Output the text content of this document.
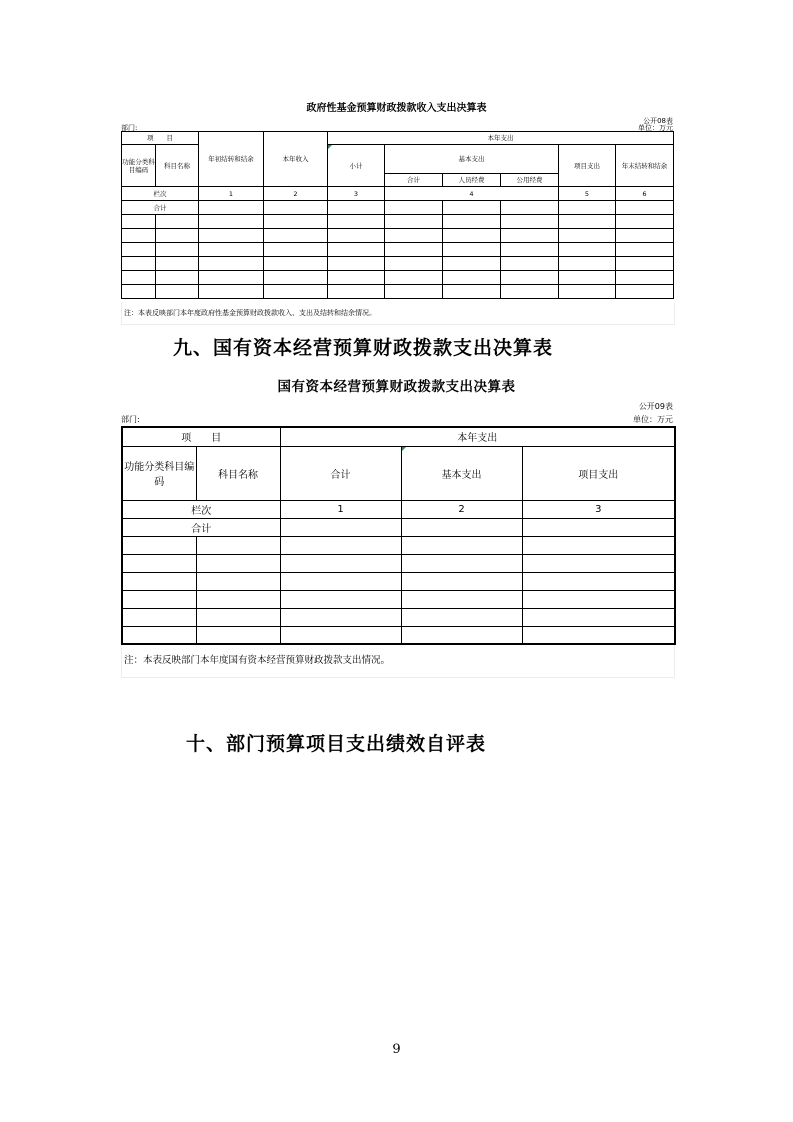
政府性基金预算财政拨款收入支出决算表
公开08表
部门:	单位：万元
项　　目		年初结转和结余	本年收入	本年支出					
功能分类科目编码	科目名称			小计	基本支出			项目支出	年末结转和结余
					合计	人员经费	公用经费		
栏次		1	2	3	4			5	6
合计									

注：本表反映部门本年度政府性基金预算财政拨款收入、支出及结转和结余情况。
九、国有资本经营预算财政拨款支出决算表
国有资本经营预算财政拨款支出决算表
公开09表
部门:	单位：万元
项　　目		本年支出		
功能分类科目编码	科目名称	合计	基本支出	项目支出
栏次		1	2	3
合计				

注：本表反映部门本年度国有资本经营预算财政拨款支出情况。
十、部门预算项目支出绩效自评表
9
